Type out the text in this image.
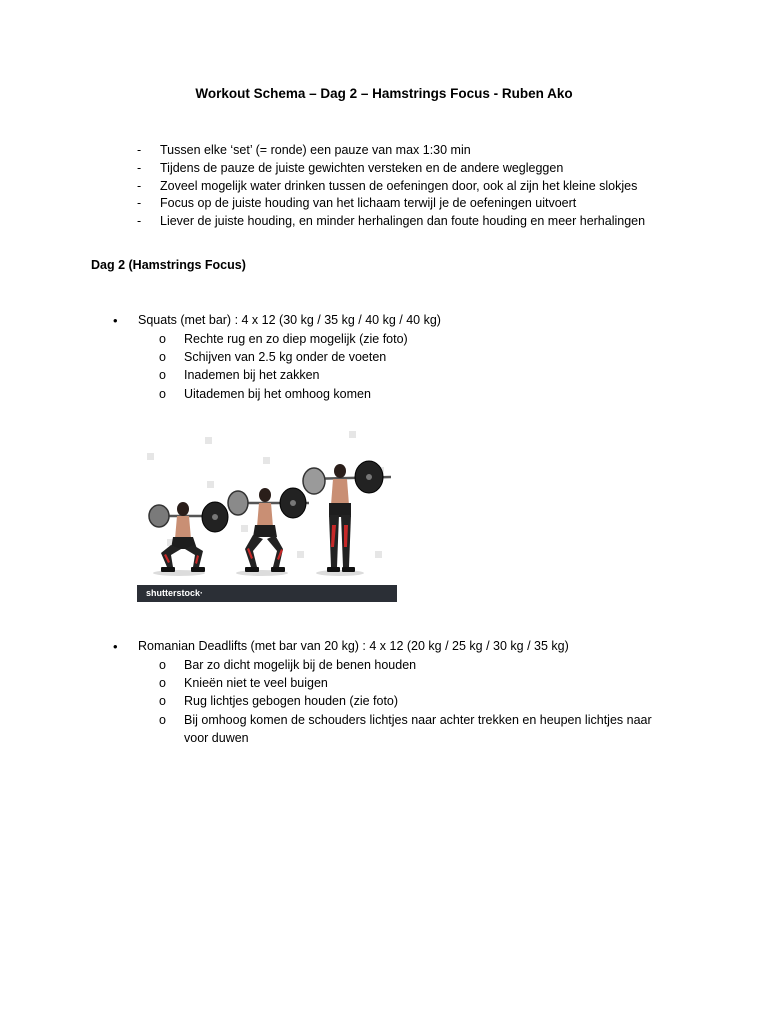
Workout Schema – Dag 2 – Hamstrings Focus - Ruben Ako
- Tussen elke ‘set’ (= ronde) een pauze van max 1:30 min
- Tijdens de pauze de juiste gewichten versteken en de andere wegleggen
- Zoveel mogelijk water drinken tussen de oefeningen door, ook al zijn het kleine slokjes
- Focus op de juiste houding van het lichaam terwijl je de oefeningen uitvoert
- Liever de juiste houding, en minder herhalingen dan foute houding en meer herhalingen
Dag 2 (Hamstrings Focus)
• Squats (met bar) : 4 x 12 (30 kg / 35 kg / 40 kg / 40 kg)
o Rechte rug en zo diep mogelijk (zie foto)
o Schijven van 2.5 kg onder de voeten
o Inademen bij het zakken
o Uitademen bij het omhoog komen
shutterstock·
• Romanian Deadlifts (met bar van 20 kg) : 4 x 12 (20 kg / 25 kg / 30 kg / 35 kg)
o Bar zo dicht mogelijk bij de benen houden
o Knieën niet te veel buigen
o Rug lichtjes gebogen houden (zie foto)
o Bij omhoog komen de schouders lichtjes naar achter trekken en heupen lichtjes naar voor duwen
